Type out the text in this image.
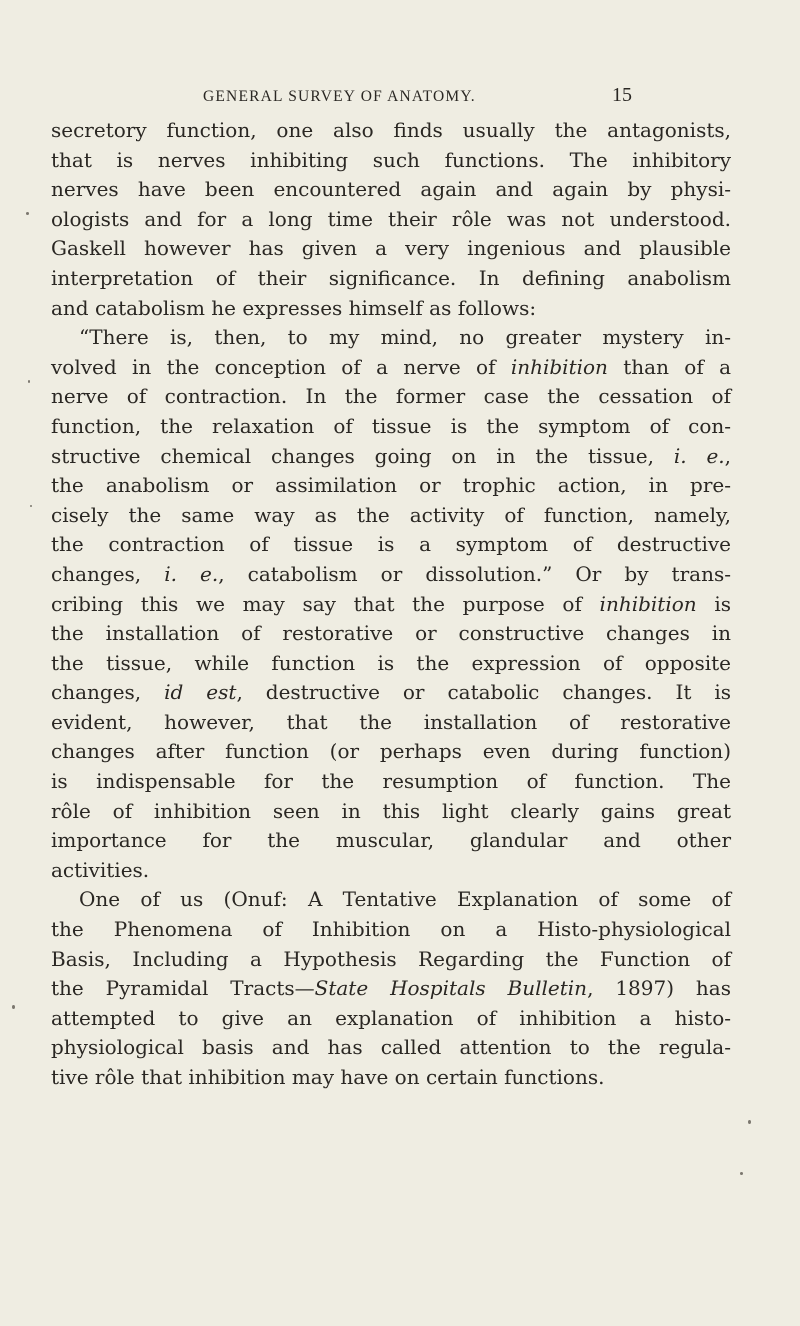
GENERAL SURVEY OF ANATOMY.	15
secretory function, one also finds usually the antagonists,
that is nerves inhibiting such functions. The inhibitory
nerves have been encountered again and again by physi-
ologists and for a long time their rôle was not understood.
Gaskell however has given a very ingenious and plausible
interpretation of their significance. In defining anabolism
and catabolism he expresses himself as follows:
“There is, then, to my mind, no greater mystery in-
volved in the conception of a nerve of inhibition than of a
nerve of contraction. In the former case the cessation of
function, the relaxation of tissue is the symptom of con-
structive chemical changes going on in the tissue, i. e.,
the anabolism or assimilation or trophic action, in pre-
cisely the same way as the activity of function, namely,
the contraction of tissue is a symptom of destructive
changes, i. e., catabolism or dissolution.” Or by trans-
cribing this we may say that the purpose of inhibition is
the installation of restorative or constructive changes in
the tissue, while function is the expression of opposite
changes, id est, destructive or catabolic changes. It is
evident, however, that the installation of restorative
changes after function (or perhaps even during function)
is indispensable for the resumption of function. The
rôle of inhibition seen in this light clearly gains great
importance for the muscular, glandular and other
activities.
One of us (Onuf: A Tentative Explanation of some of
the Phenomena of Inhibition on a Histo-physiological
Basis, Including a Hypothesis Regarding the Function of
the Pyramidal Tracts—State Hospitals Bulletin, 1897) has
attempted to give an explanation of inhibition a histo-
physiological basis and has called attention to the regula-
tive rôle that inhibition may have on certain functions.
